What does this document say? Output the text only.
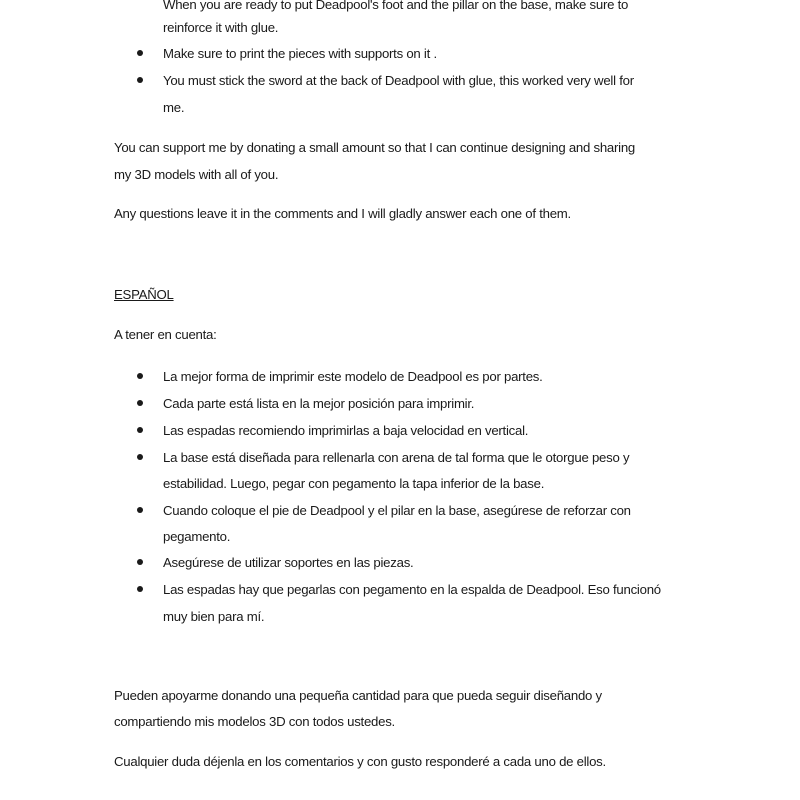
When you are ready to put Deadpool's foot and the pillar on the base, make sure to
reinforce it with glue.
Make sure to print the pieces with supports on it .
You must stick the sword at the back of Deadpool with glue, this worked very well for
me.
You can support me by donating a small amount so that I can continue designing and sharing
my 3D models with all of you.
Any questions leave it in the comments and I will gladly answer each one of them.
ESPAÑOL
A tener en cuenta:
La mejor forma de imprimir este modelo de Deadpool es por partes.
Cada parte está lista en la mejor posición para imprimir.
Las espadas recomiendo imprimirlas a baja velocidad en vertical.
La base está diseñada para rellenarla con arena de tal forma que le otorgue peso y
estabilidad. Luego, pegar con pegamento la tapa inferior de la base.
Cuando coloque el pie de Deadpool y el pilar en la base, asegúrese de reforzar con
pegamento.
Asegúrese de utilizar soportes en las piezas.
Las espadas hay que pegarlas con pegamento en la espalda de Deadpool. Eso funcionó
muy bien para mí.
Pueden apoyarme donando una pequeña cantidad para que pueda seguir diseñando y
compartiendo mis modelos 3D con todos ustedes.
Cualquier duda déjenla en los comentarios y con gusto responderé a cada uno de ellos.
